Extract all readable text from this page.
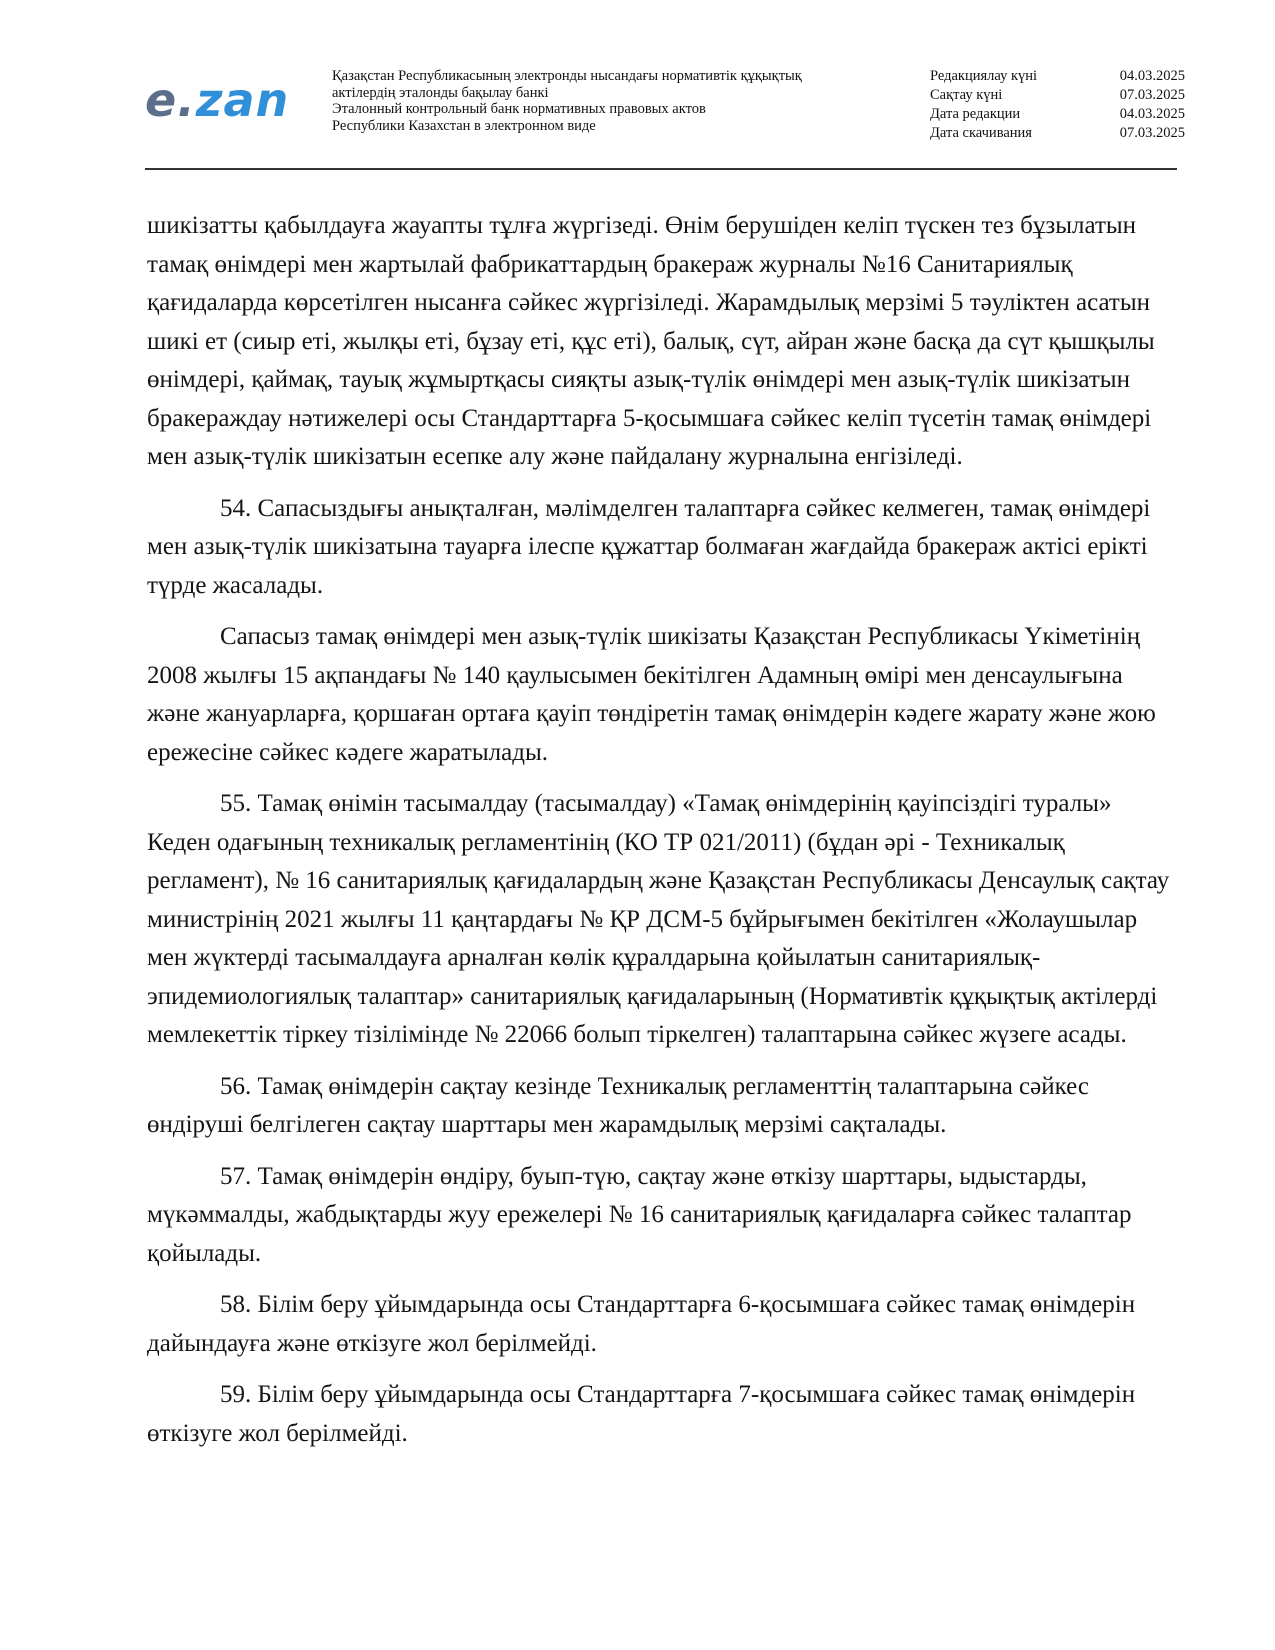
e.zan	Қазақстан Республикасының электронды нысандағы нормативтік құқықтық
актілердің эталонды бақылау банкі
Эталонный контрольный банк нормативных правовых актов
Республики Казахстан в электронном виде
Редакциялау күні	04.03.2025
Сақтау күні	07.03.2025
Дата редакции	04.03.2025
Дата скачивания	07.03.2025

шикізатты қабылдауға жауапты тұлға жүргізеді. Өнім берушіден келіп түскен тез бұзылатын тамақ өнімдері мен жартылай фабрикаттардың бракераж журналы №16 Санитариялық қағидаларда көрсетілген нысанға сәйкес жүргізіледі. Жарамдылық мерзімі 5 тәуліктен асатын шикі ет (сиыр еті, жылқы еті, бұзау еті, құс еті), балық, сүт, айран және басқа да сүт қышқылы өнімдері, қаймақ, тауық жұмыртқасы сияқты азық-түлік өнімдері мен азық-түлік шикізатын бракераждау нәтижелері осы Стандарттарға 5-қосымшаға сәйкес келіп түсетін тамақ өнімдері мен азық-түлік шикізатын есепке алу және пайдалану журналына енгізіледі.

54. Сапасыздығы анықталған, мәлімделген талаптарға сәйкес келмеген, тамақ өнімдері мен азық-түлік шикізатына тауарға ілеспе құжаттар болмаған жағдайда бракераж актісі ерікті түрде жасалады.

Сапасыз тамақ өнімдері мен азық-түлік шикізаты Қазақстан Республикасы Үкіметінің 2008 жылғы 15 ақпандағы № 140 қаулысымен бекітілген Адамның өмірі мен денсаулығына және жануарларға, қоршаған ортаға қауіп төндіретін тамақ өнімдерін кәдеге жарату және жою ережесіне сәйкес кәдеге жаратылады.

55. Тамақ өнімін тасымалдау (тасымалдау) «Тамақ өнімдерінің қауіпсіздігі туралы» Кеден одағының техникалық регламентінің (КО ТР 021/2011) (бұдан әрі - Техникалық регламент), № 16 санитариялық қағидалардың және Қазақстан Республикасы Денсаулық сақтау министрінің 2021 жылғы 11 қаңтардағы № ҚР ДСМ-5 бұйрығымен бекітілген «Жолаушылар мен жүктерді тасымалдауға арналған көлік құралдарына қойылатын санитариялық-эпидемиологиялық талаптар» санитариялық қағидаларының (Нормативтік құқықтық актілерді мемлекеттік тіркеу тізілімінде № 22066 болып тіркелген) талаптарына сәйкес жүзеге асады.

56. Тамақ өнімдерін сақтау кезінде Техникалық регламенттің талаптарына сәйкес өндіруші белгілеген сақтау шарттары мен жарамдылық мерзімі сақталады.

57. Тамақ өнімдерін өндіру, буып-түю, сақтау және өткізу шарттары, ыдыстарды, мүкәммалды, жабдықтарды жуу ережелері № 16 санитариялық қағидаларға сәйкес талаптар қойылады.

58. Білім беру ұйымдарында осы Стандарттарға 6-қосымшаға сәйкес тамақ өнімдерін дайындауға және өткізуге жол берілмейді.

59. Білім беру ұйымдарында осы Стандарттарға 7-қосымшаға сәйкес тамақ өнімдерін өткізуге жол берілмейді.
